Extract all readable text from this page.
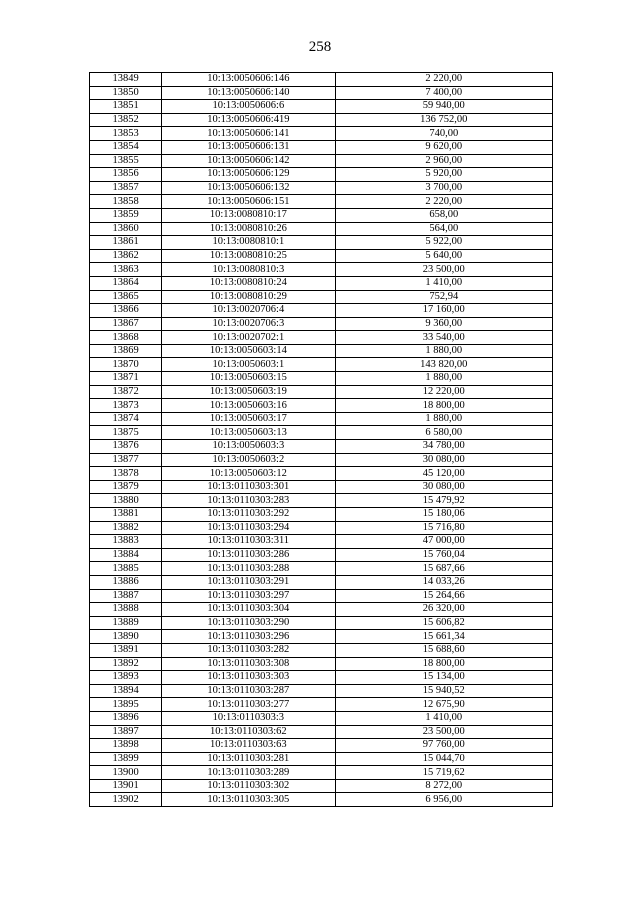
258
13849	10:13:0050606:146	2 220,00
13850	10:13:0050606:140	7 400,00
13851	10:13:0050606:6	59 940,00
13852	10:13:0050606:419	136 752,00
13853	10:13:0050606:141	740,00
13854	10:13:0050606:131	9 620,00
13855	10:13:0050606:142	2 960,00
13856	10:13:0050606:129	5 920,00
13857	10:13:0050606:132	3 700,00
13858	10:13:0050606:151	2 220,00
13859	10:13:0080810:17	658,00
13860	10:13:0080810:26	564,00
13861	10:13:0080810:1	5 922,00
13862	10:13:0080810:25	5 640,00
13863	10:13:0080810:3	23 500,00
13864	10:13:0080810:24	1 410,00
13865	10:13:0080810:29	752,94
13866	10:13:0020706:4	17 160,00
13867	10:13:0020706:3	9 360,00
13868	10:13:0020702:1	33 540,00
13869	10:13:0050603:14	1 880,00
13870	10:13:0050603:1	143 820,00
13871	10:13:0050603:15	1 880,00
13872	10:13:0050603:19	12 220,00
13873	10:13:0050603:16	18 800,00
13874	10:13:0050603:17	1 880,00
13875	10:13:0050603:13	6 580,00
13876	10:13:0050603:3	34 780,00
13877	10:13:0050603:2	30 080,00
13878	10:13:0050603:12	45 120,00
13879	10:13:0110303:301	30 080,00
13880	10:13:0110303:283	15 479,92
13881	10:13:0110303:292	15 180,06
13882	10:13:0110303:294	15 716,80
13883	10:13:0110303:311	47 000,00
13884	10:13:0110303:286	15 760,04
13885	10:13:0110303:288	15 687,66
13886	10:13:0110303:291	14 033,26
13887	10:13:0110303:297	15 264,66
13888	10:13:0110303:304	26 320,00
13889	10:13:0110303:290	15 606,82
13890	10:13:0110303:296	15 661,34
13891	10:13:0110303:282	15 688,60
13892	10:13:0110303:308	18 800,00
13893	10:13:0110303:303	15 134,00
13894	10:13:0110303:287	15 940,52
13895	10:13:0110303:277	12 675,90
13896	10:13:0110303:3	1 410,00
13897	10:13:0110303:62	23 500,00
13898	10:13:0110303:63	97 760,00
13899	10:13:0110303:281	15 044,70
13900	10:13:0110303:289	15 719,62
13901	10:13:0110303:302	8 272,00
13902	10:13:0110303:305	6 956,00
